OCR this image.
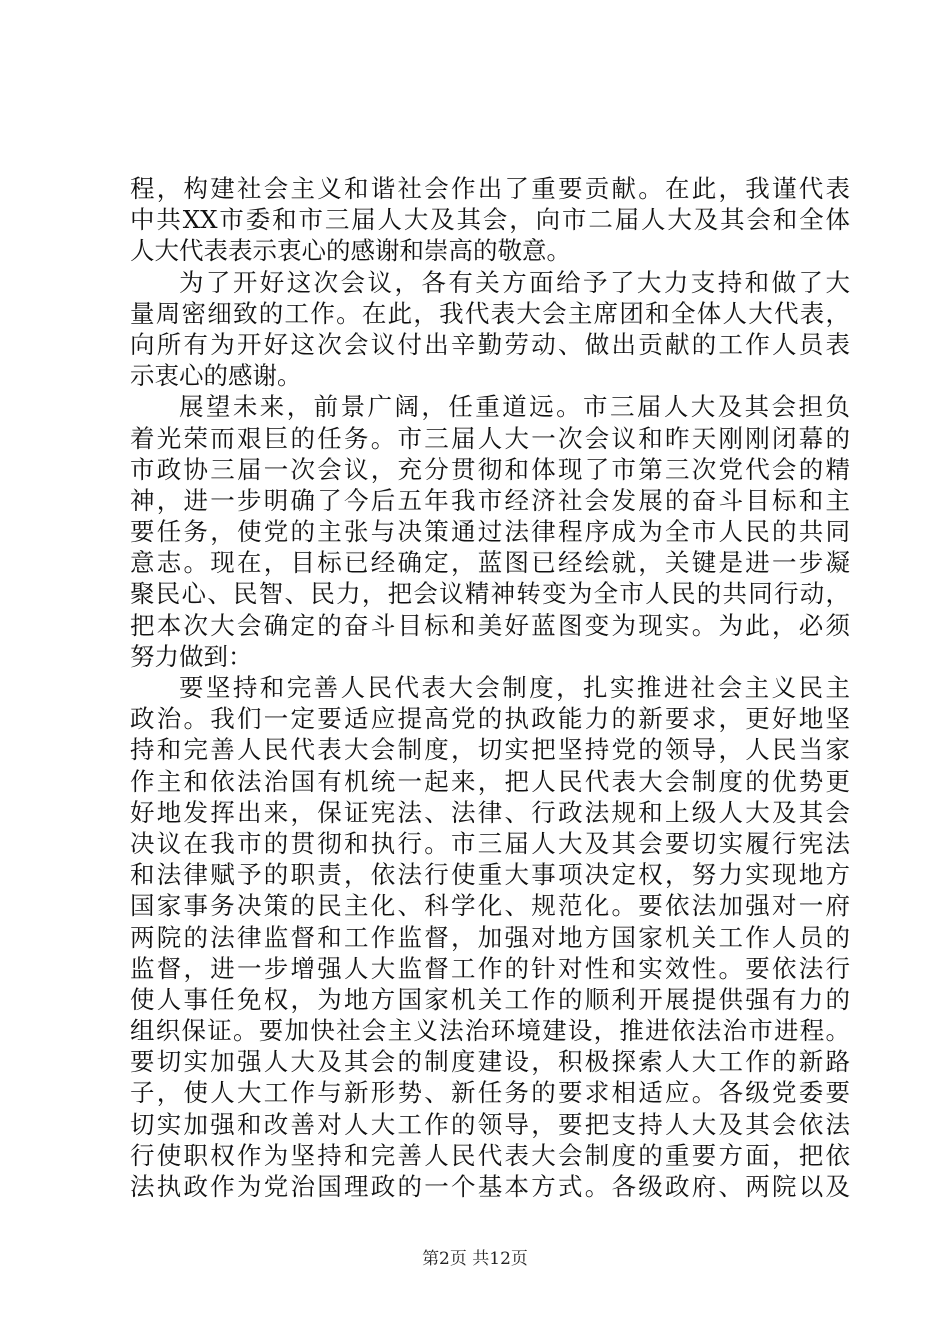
程，构建社会主义和谐社会作出了重要贡献。在此，我谨代表
中共XX市委和市三届人大及其会，向市二届人大及其会和全体
人大代表表示衷心的感谢和崇高的敬意。
为了开好这次会议，各有关方面给予了大力支持和做了大
量周密细致的工作。在此，我代表大会主席团和全体人大代表，
向所有为开好这次会议付出辛勤劳动、做出贡献的工作人员表
示衷心的感谢。
展望未来，前景广阔，任重道远。市三届人大及其会担负
着光荣而艰巨的任务。市三届人大一次会议和昨天刚刚闭幕的
市政协三届一次会议，充分贯彻和体现了市第三次党代会的精
神，进一步明确了今后五年我市经济社会发展的奋斗目标和主
要任务，使党的主张与决策通过法律程序成为全市人民的共同
意志。现在，目标已经确定，蓝图已经绘就，关键是进一步凝
聚民心、民智、民力，把会议精神转变为全市人民的共同行动，
把本次大会确定的奋斗目标和美好蓝图变为现实。为此，必须
努力做到：
要坚持和完善人民代表大会制度，扎实推进社会主义民主
政治。我们一定要适应提高党的执政能力的新要求，更好地坚
持和完善人民代表大会制度，切实把坚持党的领导，人民当家
作主和依法治国有机统一起来，把人民代表大会制度的优势更
好地发挥出来，保证宪法、法律、行政法规和上级人大及其会
决议在我市的贯彻和执行。市三届人大及其会要切实履行宪法
和法律赋予的职责，依法行使重大事项决定权，努力实现地方
国家事务决策的民主化、科学化、规范化。要依法加强对一府
两院的法律监督和工作监督，加强对地方国家机关工作人员的
监督，进一步增强人大监督工作的针对性和实效性。要依法行
使人事任免权，为地方国家机关工作的顺利开展提供强有力的
组织保证。要加快社会主义法治环境建设，推进依法治市进程。
要切实加强人大及其会的制度建设，积极探索人大工作的新路
子，使人大工作与新形势、新任务的要求相适应。各级党委要
切实加强和改善对人大工作的领导，要把支持人大及其会依法
行使职权作为坚持和完善人民代表大会制度的重要方面，把依
法执政作为党治国理政的一个基本方式。各级政府、两院以及
第2页 共12页
